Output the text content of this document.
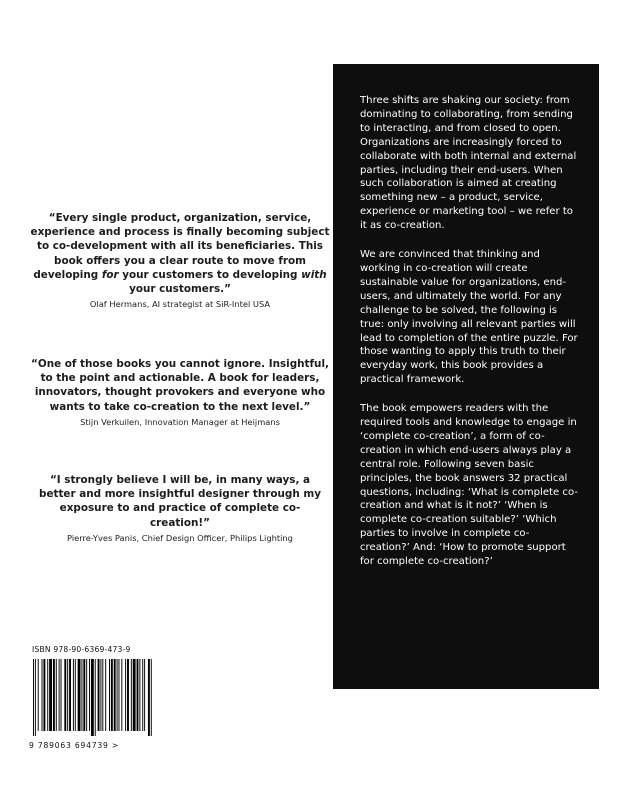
“Every single product, organization, service, experience and process is finally becoming subject to co-development with all its beneficiaries. This book offers you a clear route to move from developing for your customers to developing with your customers.”

Olaf Hermans, AI strategist at SiR-Intel USA

“One of those books you cannot ignore. Insightful, to the point and actionable. A book for leaders, innovators, thought provokers and everyone who wants to take co-creation to the next level.”

Stijn Verkuilen, Innovation Manager at Heijmans

“I strongly believe I will be, in many ways, a better and more insightful designer through my exposure to and practice of complete co-creation!”

Pierre-Yves Panis, Chief Design Officer, Philips Lighting

Three shifts are shaking our society: from dominating to collaborating, from sending to interacting, and from closed to open. Organizations are increasingly forced to collaborate with both internal and external parties, including their end-users. When such collaboration is aimed at creating something new – a product, service, experience or marketing tool – we refer to it as co-creation.

We are convinced that thinking and working in co-creation will create sustainable value for organizations, end-users, and ultimately the world. For any challenge to be solved, the following is true: only involving all relevant parties will lead to completion of the entire puzzle. For those wanting to apply this truth to their everyday work, this book provides a practical framework.

The book empowers readers with the required tools and knowledge to engage in ‘complete co-creation’, a form of co-creation in which end-users always play a central role. Following seven basic principles, the book answers 32 practical questions, including: ‘What is complete co-creation and what is it not?’ ‘When is complete co-creation suitable?’ ‘Which parties to involve in complete co-creation?’ And: ‘How to promote support for complete co-creation?’

ISBN 978-90-6369-473-9
9 789063 694739 >
